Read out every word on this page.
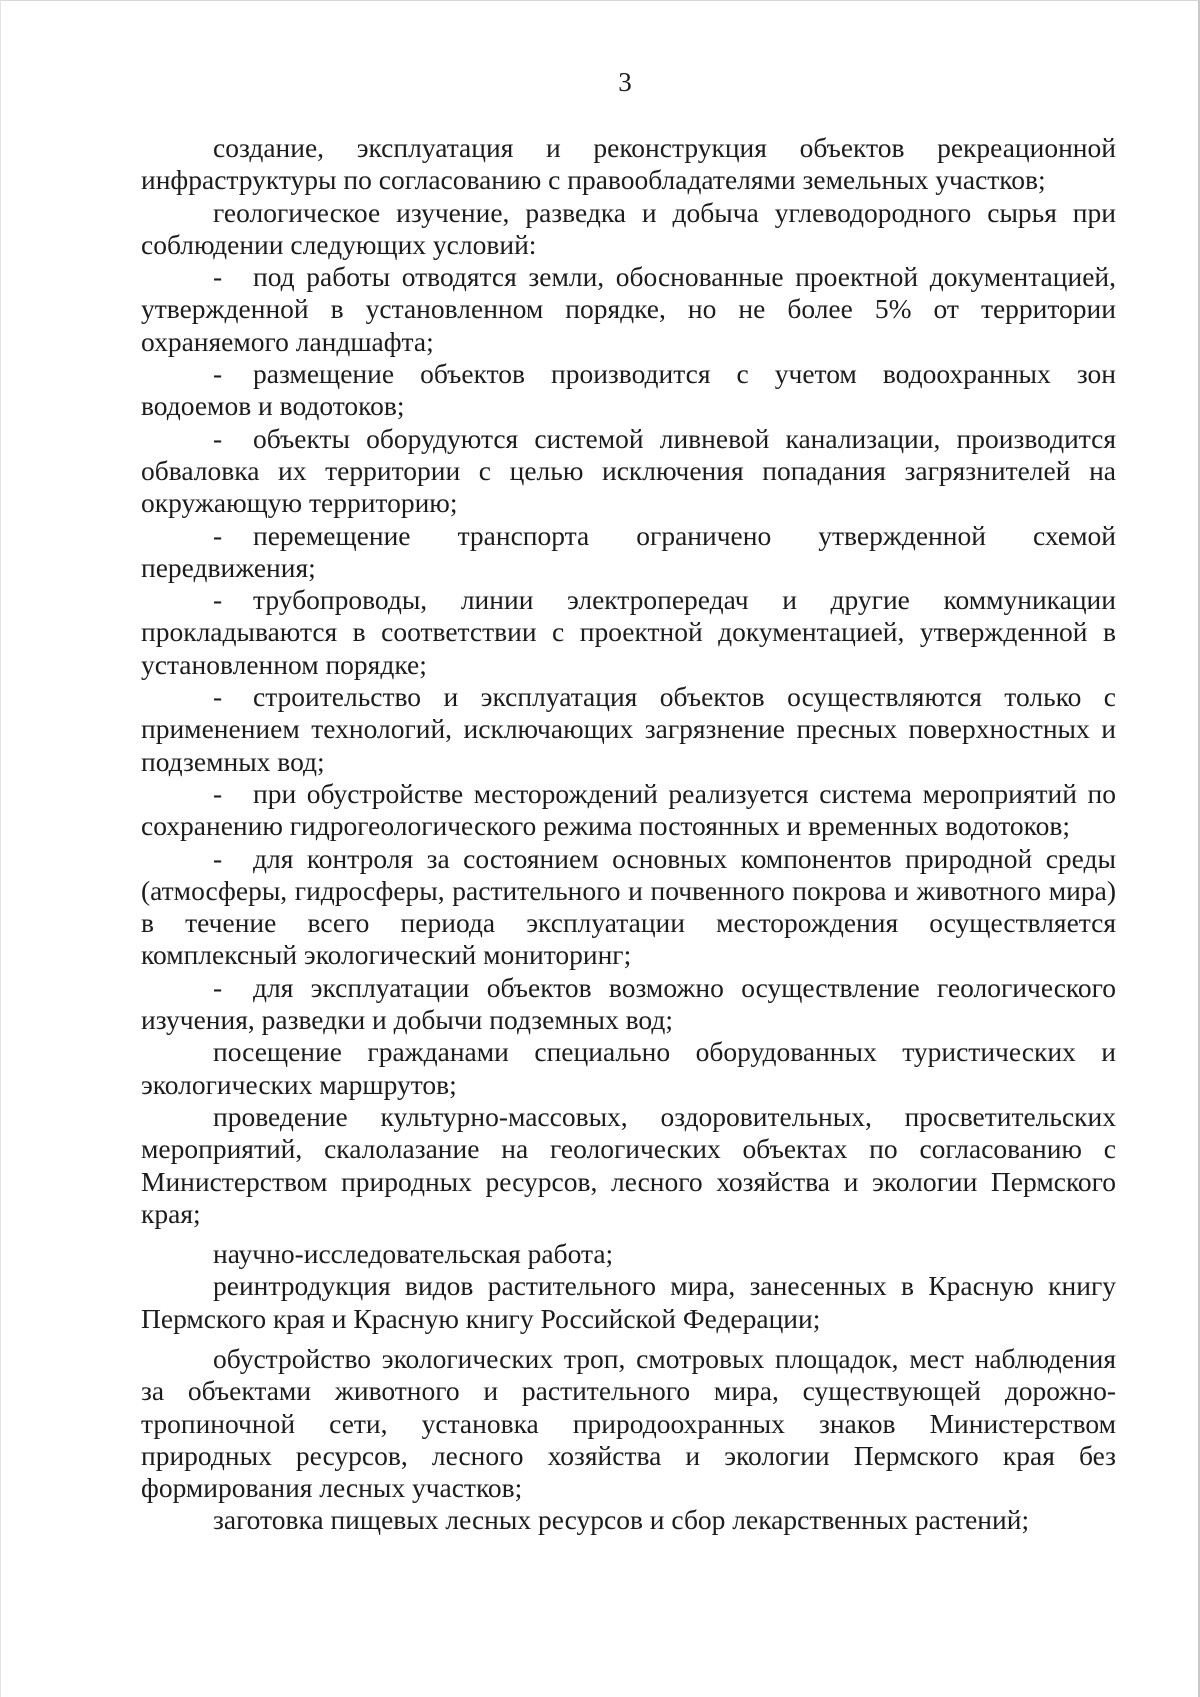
3

создание, эксплуатация и реконструкция объектов рекреационной инфраструктуры по согласованию с правообладателями земельных участков;

геологическое изучение, разведка и добыча углеводородного сырья при соблюдении следующих условий:

- под работы отводятся земли, обоснованные проектной документацией, утвержденной в установленном порядке, но не более 5% от территории охраняемого ландшафта;

- размещение объектов производится с учетом водоохранных зон водоемов и водотоков;

- объекты оборудуются системой ливневой канализации, производится обваловка их территории с целью исключения попадания загрязнителей на окружающую территорию;

- перемещение транспорта ограничено утвержденной схемой передвижения;

- трубопроводы, линии электропередач и другие коммуникации прокладываются в соответствии с проектной документацией, утвержденной в установленном порядке;

- строительство и эксплуатация объектов осуществляются только с применением технологий, исключающих загрязнение пресных поверхностных и подземных вод;

- при обустройстве месторождений реализуется система мероприятий по сохранению гидрогеологического режима постоянных и временных водотоков;

- для контроля за состоянием основных компонентов природной среды (атмосферы, гидросферы, растительного и почвенного покрова и животного мира) в течение всего периода эксплуатации месторождения осуществляется комплексный экологический мониторинг;

- для эксплуатации объектов возможно осуществление геологического изучения, разведки и добычи подземных вод;

посещение гражданами специально оборудованных туристических и экологических маршрутов;

проведение культурно-массовых, оздоровительных, просветительских мероприятий, скалолазание на геологических объектах по согласованию с Министерством природных ресурсов, лесного хозяйства и экологии Пермского края;

научно-исследовательская работа;

реинтродукция видов растительного мира, занесенных в Красную книгу Пермского края и Красную книгу Российской Федерации;

обустройство экологических троп, смотровых площадок, мест наблюдения за объектами животного и растительного мира, существующей дорожно-тропиночной сети, установка природоохранных знаков Министерством природных ресурсов, лесного хозяйства и экологии Пермского края без формирования лесных участков;

заготовка пищевых лесных ресурсов и сбор лекарственных растений;
